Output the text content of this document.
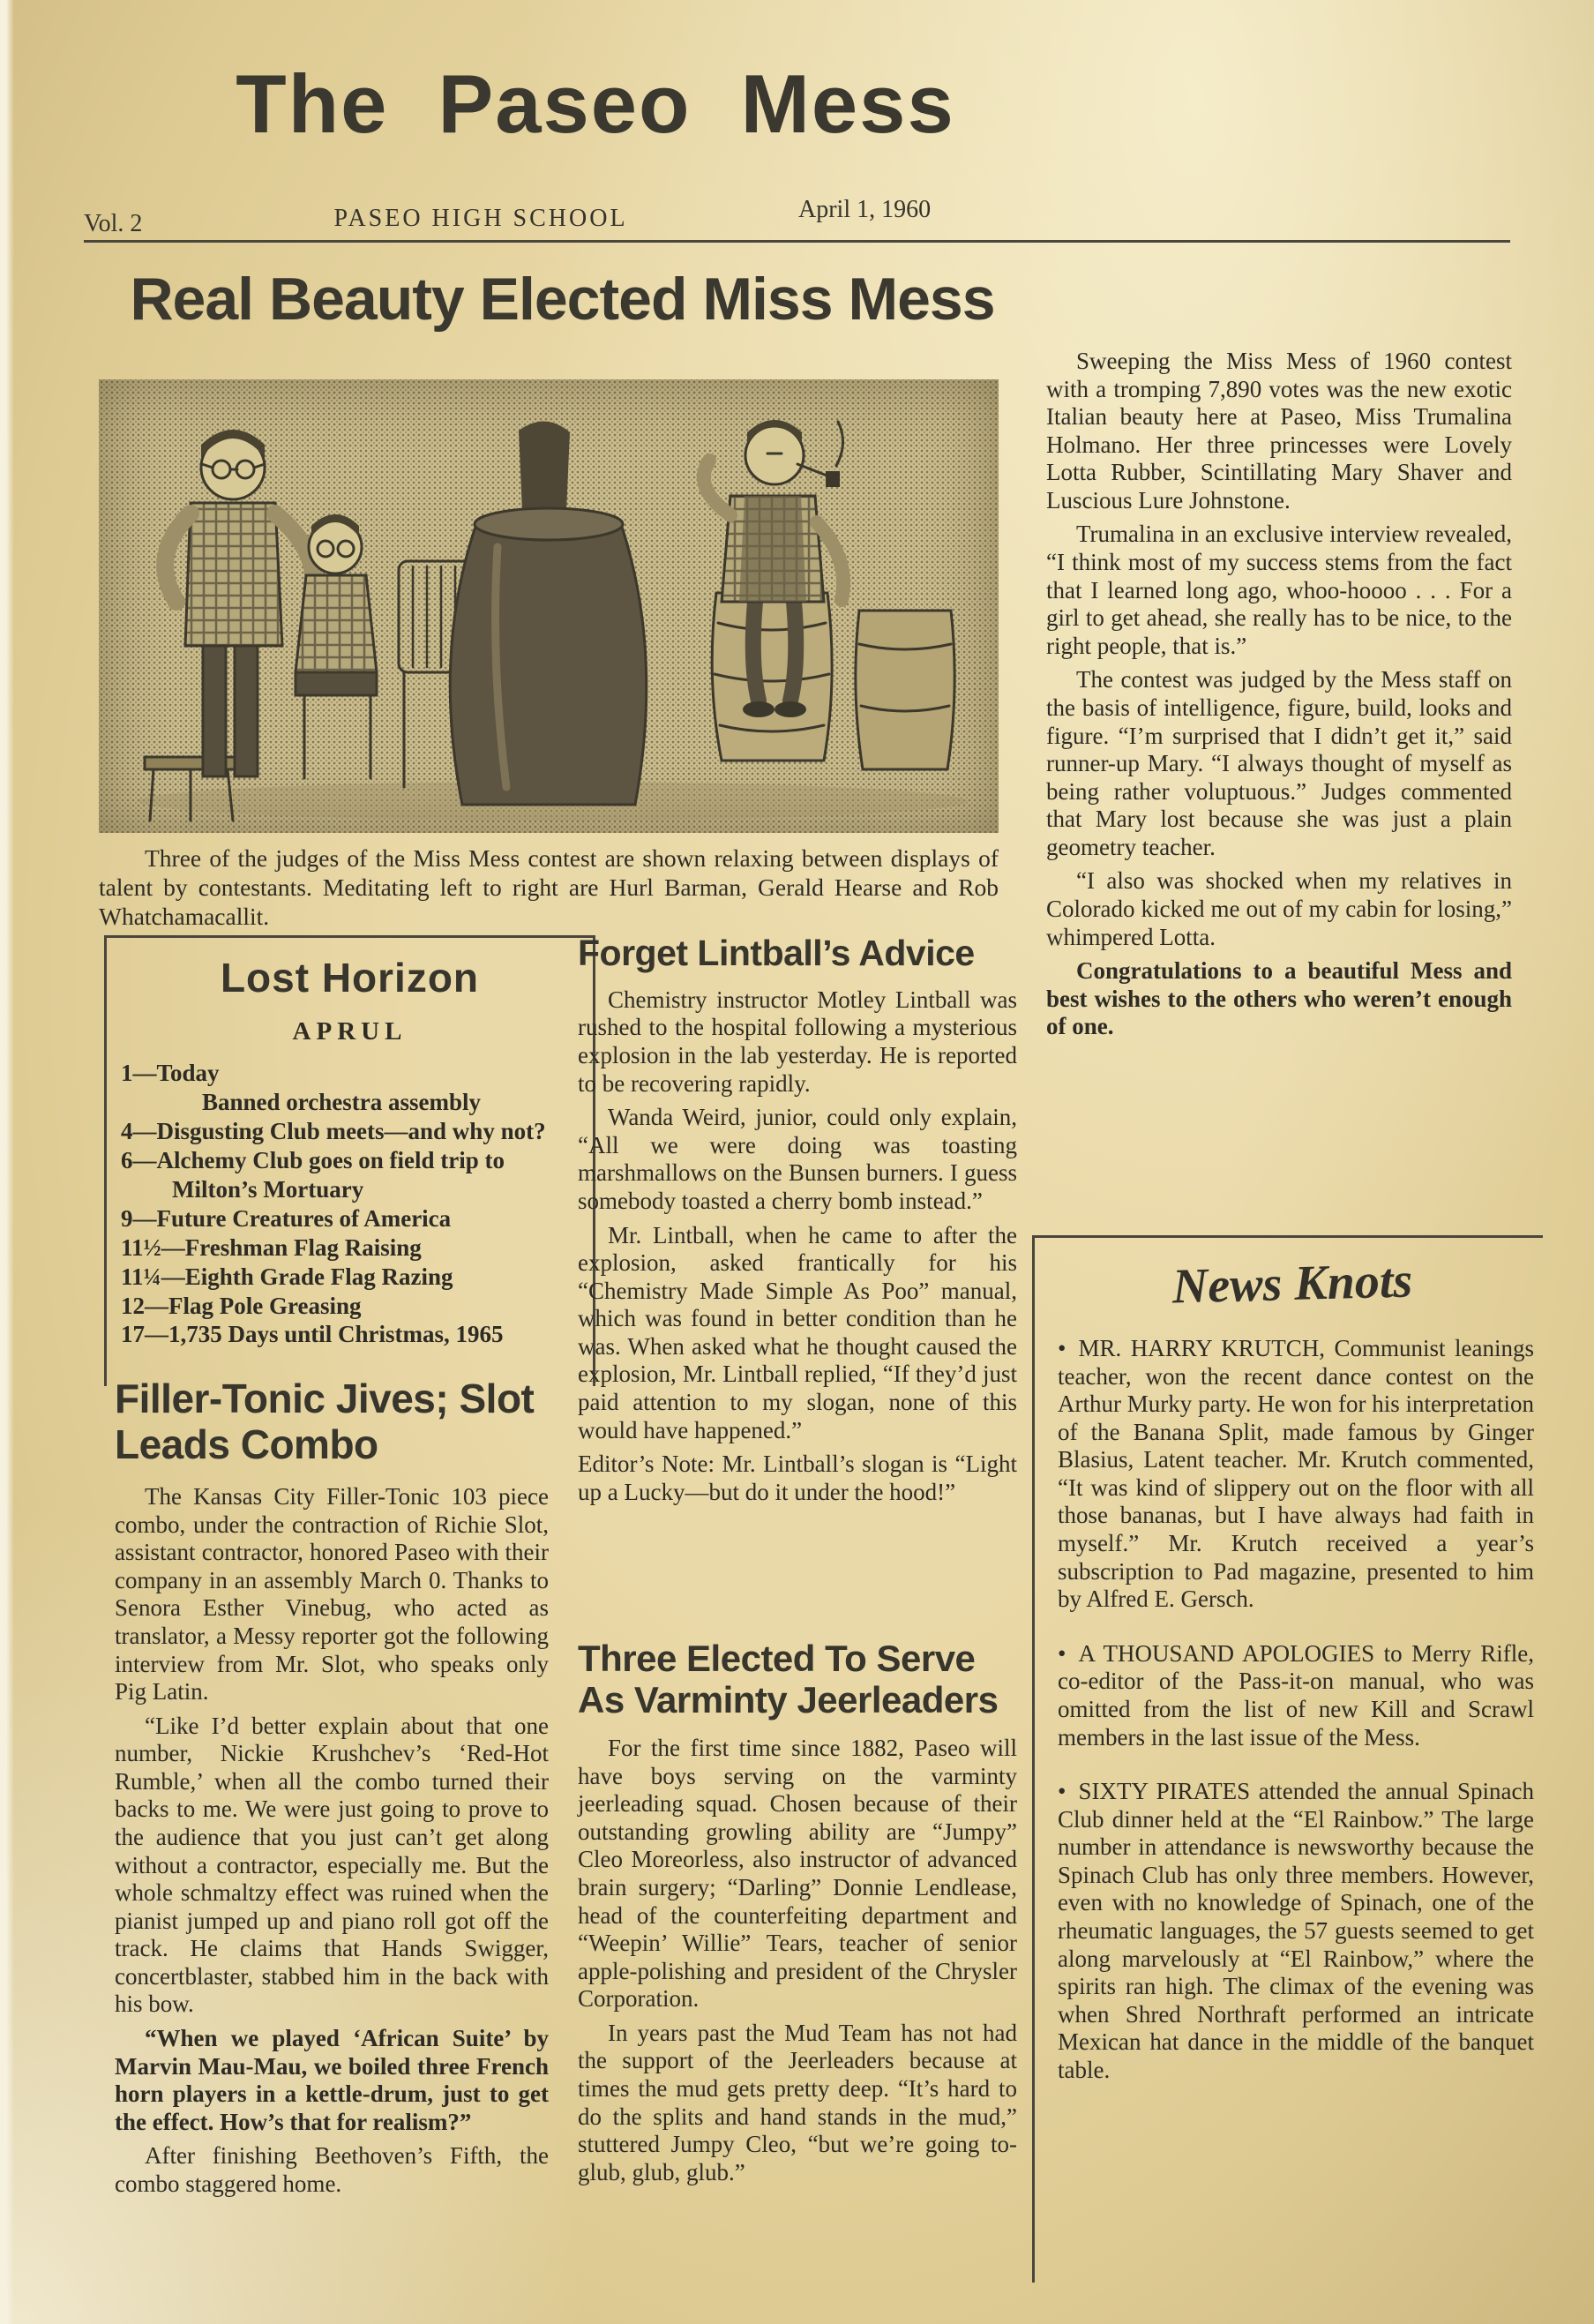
The Paseo Mess
Vol. 2	PASEO HIGH SCHOOL	April 1, 1960
Real Beauty Elected Miss Mess

Three of the judges of the Miss Mess contest are shown relaxing between displays of talent by contestants. Meditating left to right are Hurl Barman, Gerald Hearse and Rob Whatchamacallit.

Sweeping the Miss Mess of 1960 contest with a tromping 7,890 votes was the new exotic Italian beauty here at Paseo, Miss Trumalina Holmano. Her three princesses were Lovely Lotta Rubber, Scintillating Mary Shaver and Luscious Lure Johnstone.

Trumalina in an exclusive interview revealed, “I think most of my success stems from the fact that I learned long ago, whoo-hoooo . . . For a girl to get ahead, she really has to be nice, to the right people, that is.”

The contest was judged by the Mess staff on the basis of intelligence, figure, build, looks and figure. “I’m surprised that I didn’t get it,” said runner-up Mary. “I always thought of myself as being rather voluptuous.” Judges commented that Mary lost because she was just a plain geometry teacher.

“I also was shocked when my relatives in Colorado kicked me out of my cabin for losing,” whimpered Lotta.

Congratulations to a beautiful Mess and best wishes to the others who weren’t enough of one.

News Knots

• MR. HARRY KRUTCH, Communist leanings teacher, won the recent dance contest on the Arthur Murky party. He won for his interpretation of the Banana Split, made famous by Ginger Blasius, Latent teacher. Mr. Krutch commented, “It was kind of slippery out on the floor with all those bananas, but I have always had faith in myself.” Mr. Krutch received a year’s subscription to Pad magazine, presented to him by Alfred E. Gersch.

• A THOUSAND APOLOGIES to Merry Rifle, co-editor of the Pass-it-on manual, who was omitted from the list of new Kill and Scrawl members in the last issue of the Mess.

• SIXTY PIRATES attended the annual Spinach Club dinner held at the “El Rainbow.” The large number in attendance is newsworthy because the Spinach Club has only three members. However, even with no knowledge of Spinach, one of the rheumatic languages, the 57 guests seemed to get along marvelously at “El Rainbow,” where the spirits ran high. The climax of the evening was when Shred Northraft performed an intricate Mexican hat dance in the middle of the banquet table.

Lost Horizon
APRUL

1—Today

Banned orchestra assembly

4—Disgusting Club meets—and why not?

6—Alchemy Club goes on field trip to Milton’s Mortuary

9—Future Creatures of America

11½—Freshman Flag Raising

11¼—Eighth Grade Flag Razing

12—Flag Pole Greasing

17—1,735 Days until Christmas, 1965

Filler-Tonic Jives; Slot Leads Combo

The Kansas City Filler-Tonic 103 piece combo, under the contraction of Richie Slot, assistant contractor, honored Paseo with their company in an assembly March 0. Thanks to Senora Esther Vinebug, who acted as translator, a Messy reporter got the following interview from Mr. Slot, who speaks only Pig Latin.

“Like I’d better explain about that one number, Nickie Krushchev’s ‘Red-Hot Rumble,’ when all the combo turned their backs to me. We were just going to prove to the audience that you just can’t get along without a contractor, especially me. But the whole schmaltzy effect was ruined when the pianist jumped up and piano roll got off the track. He claims that Hands Swigger, concertblaster, stabbed him in the back with his bow.

“When we played ‘African Suite’ by Marvin Mau-Mau, we boiled three French horn players in a kettle-drum, just to get the effect. How’s that for realism?”

After finishing Beethoven’s Fifth, the combo staggered home.

Forget Lintball’s Advice

Chemistry instructor Motley Lintball was rushed to the hospital following a mysterious explosion in the lab yesterday. He is reported to be recovering rapidly.

Wanda Weird, junior, could only explain, “All we were doing was toasting marshmallows on the Bunsen burners. I guess somebody toasted a cherry bomb instead.”

Mr. Lintball, when he came to after the explosion, asked frantically for his “Chemistry Made Simple As Poo” manual, which was found in better condition than he was. When asked what he thought caused the explosion, Mr. Lintball replied, “If they’d just paid attention to my slogan, none of this would have happened.”

Editor’s Note: Mr. Lintball’s slogan is “Light up a Lucky—but do it under the hood!”

Three Elected To Serve As Varminty Jeerleaders

For the first time since 1882, Paseo will have boys serving on the varminty jeerleading squad. Chosen because of their outstanding growling ability are “Jumpy” Cleo Moreorless, also instructor of advanced brain surgery; “Darling” Donnie Lendlease, head of the counterfeiting department and “Weepin’ Willie” Tears, teacher of senior apple-polishing and president of the Chrysler Corporation.

In years past the Mud Team has not had the support of the Jeerleaders because at times the mud gets pretty deep. “It’s hard to do the splits and hand stands in the mud,” stuttered Jumpy Cleo, “but we’re going to-glub, glub, glub.”
